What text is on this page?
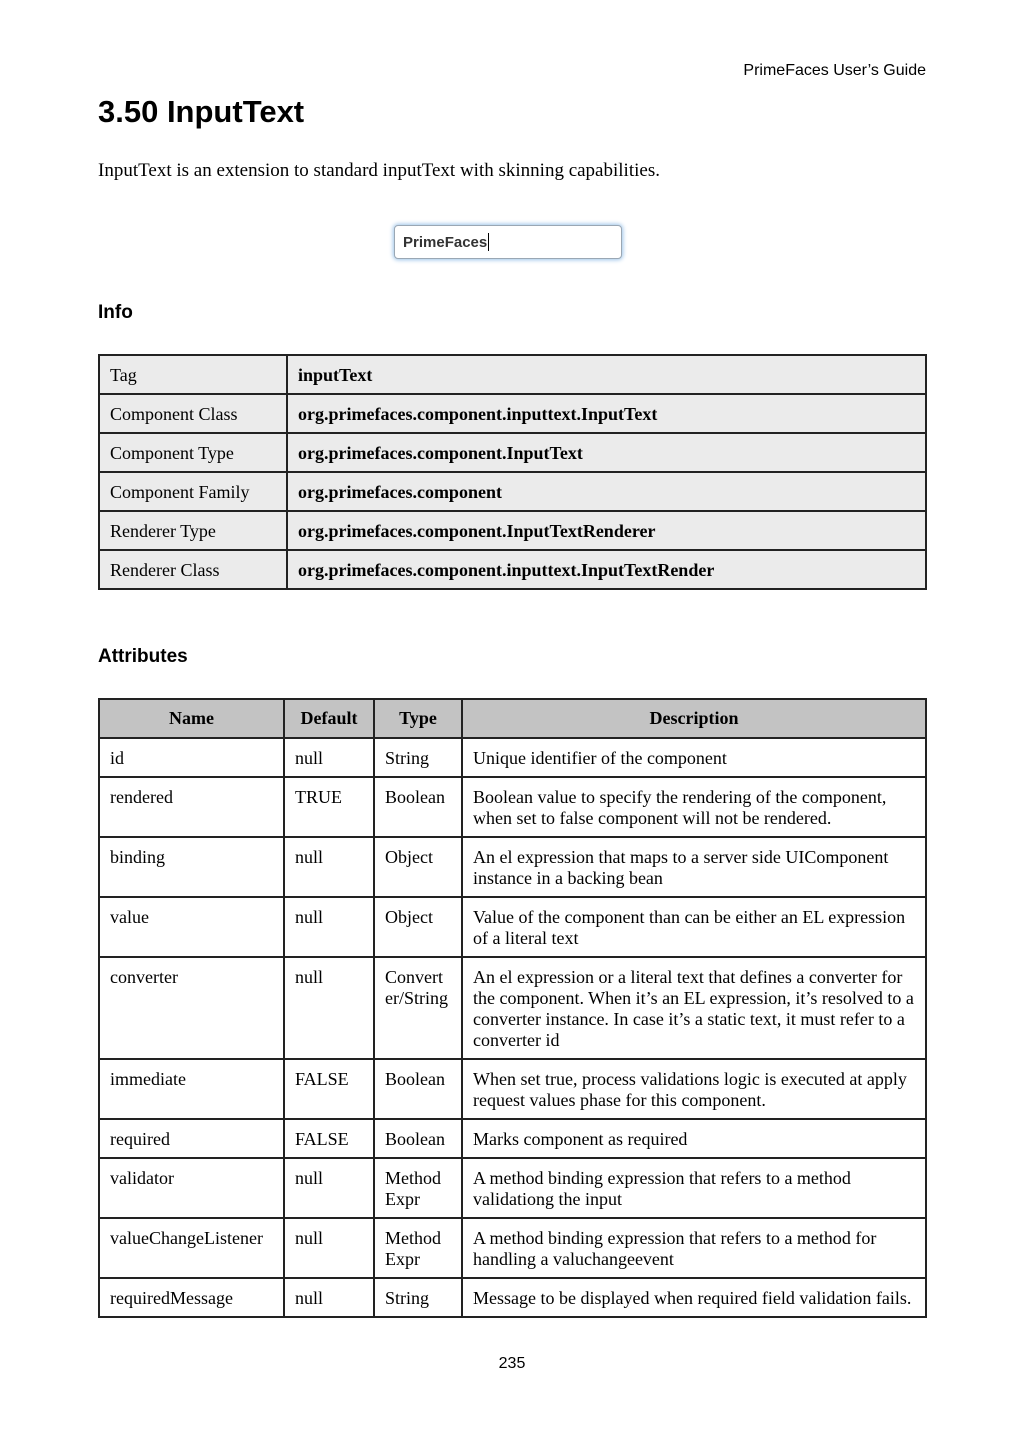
PrimeFaces User’s Guide
3.50 InputText

InputText is an extension to standard inputText with skinning capabilities.

PrimeFaces
Info
Tag	inputText
Component Class	org.primefaces.component.inputtext.InputText
Component Type	org.primefaces.component.InputText
Component Family	org.primefaces.component
Renderer Type	org.primefaces.component.InputTextRenderer
Renderer Class	org.primefaces.component.inputtext.InputTextRender
Attributes
Name	Default	Type	Description
id	null	String	Unique identifier of the component
rendered	TRUE	Boolean	Boolean value to specify the rendering of the component, when set to false component will not be rendered.
binding	null	Object	An el expression that maps to a server side UIComponent instance in a backing bean
value	null	Object	Value of the component than can be either an EL expression of a literal text
converter	null	Convert er/String	An el expression or a literal text that defines a converter for the component. When it’s an EL expression, it’s resolved to a converter instance. In case it’s a static text, it must refer to a converter id
immediate	FALSE	Boolean	When set true, process validations logic is executed at apply request values phase for this component.
required	FALSE	Boolean	Marks component as required
validator	null	Method Expr	A method binding expression that refers to a method validationg the input
valueChangeListener	null	Method Expr	A method binding expression that refers to a method for handling a valuchangeevent
requiredMessage	null	String	Message to be displayed when required field validation fails.
235
